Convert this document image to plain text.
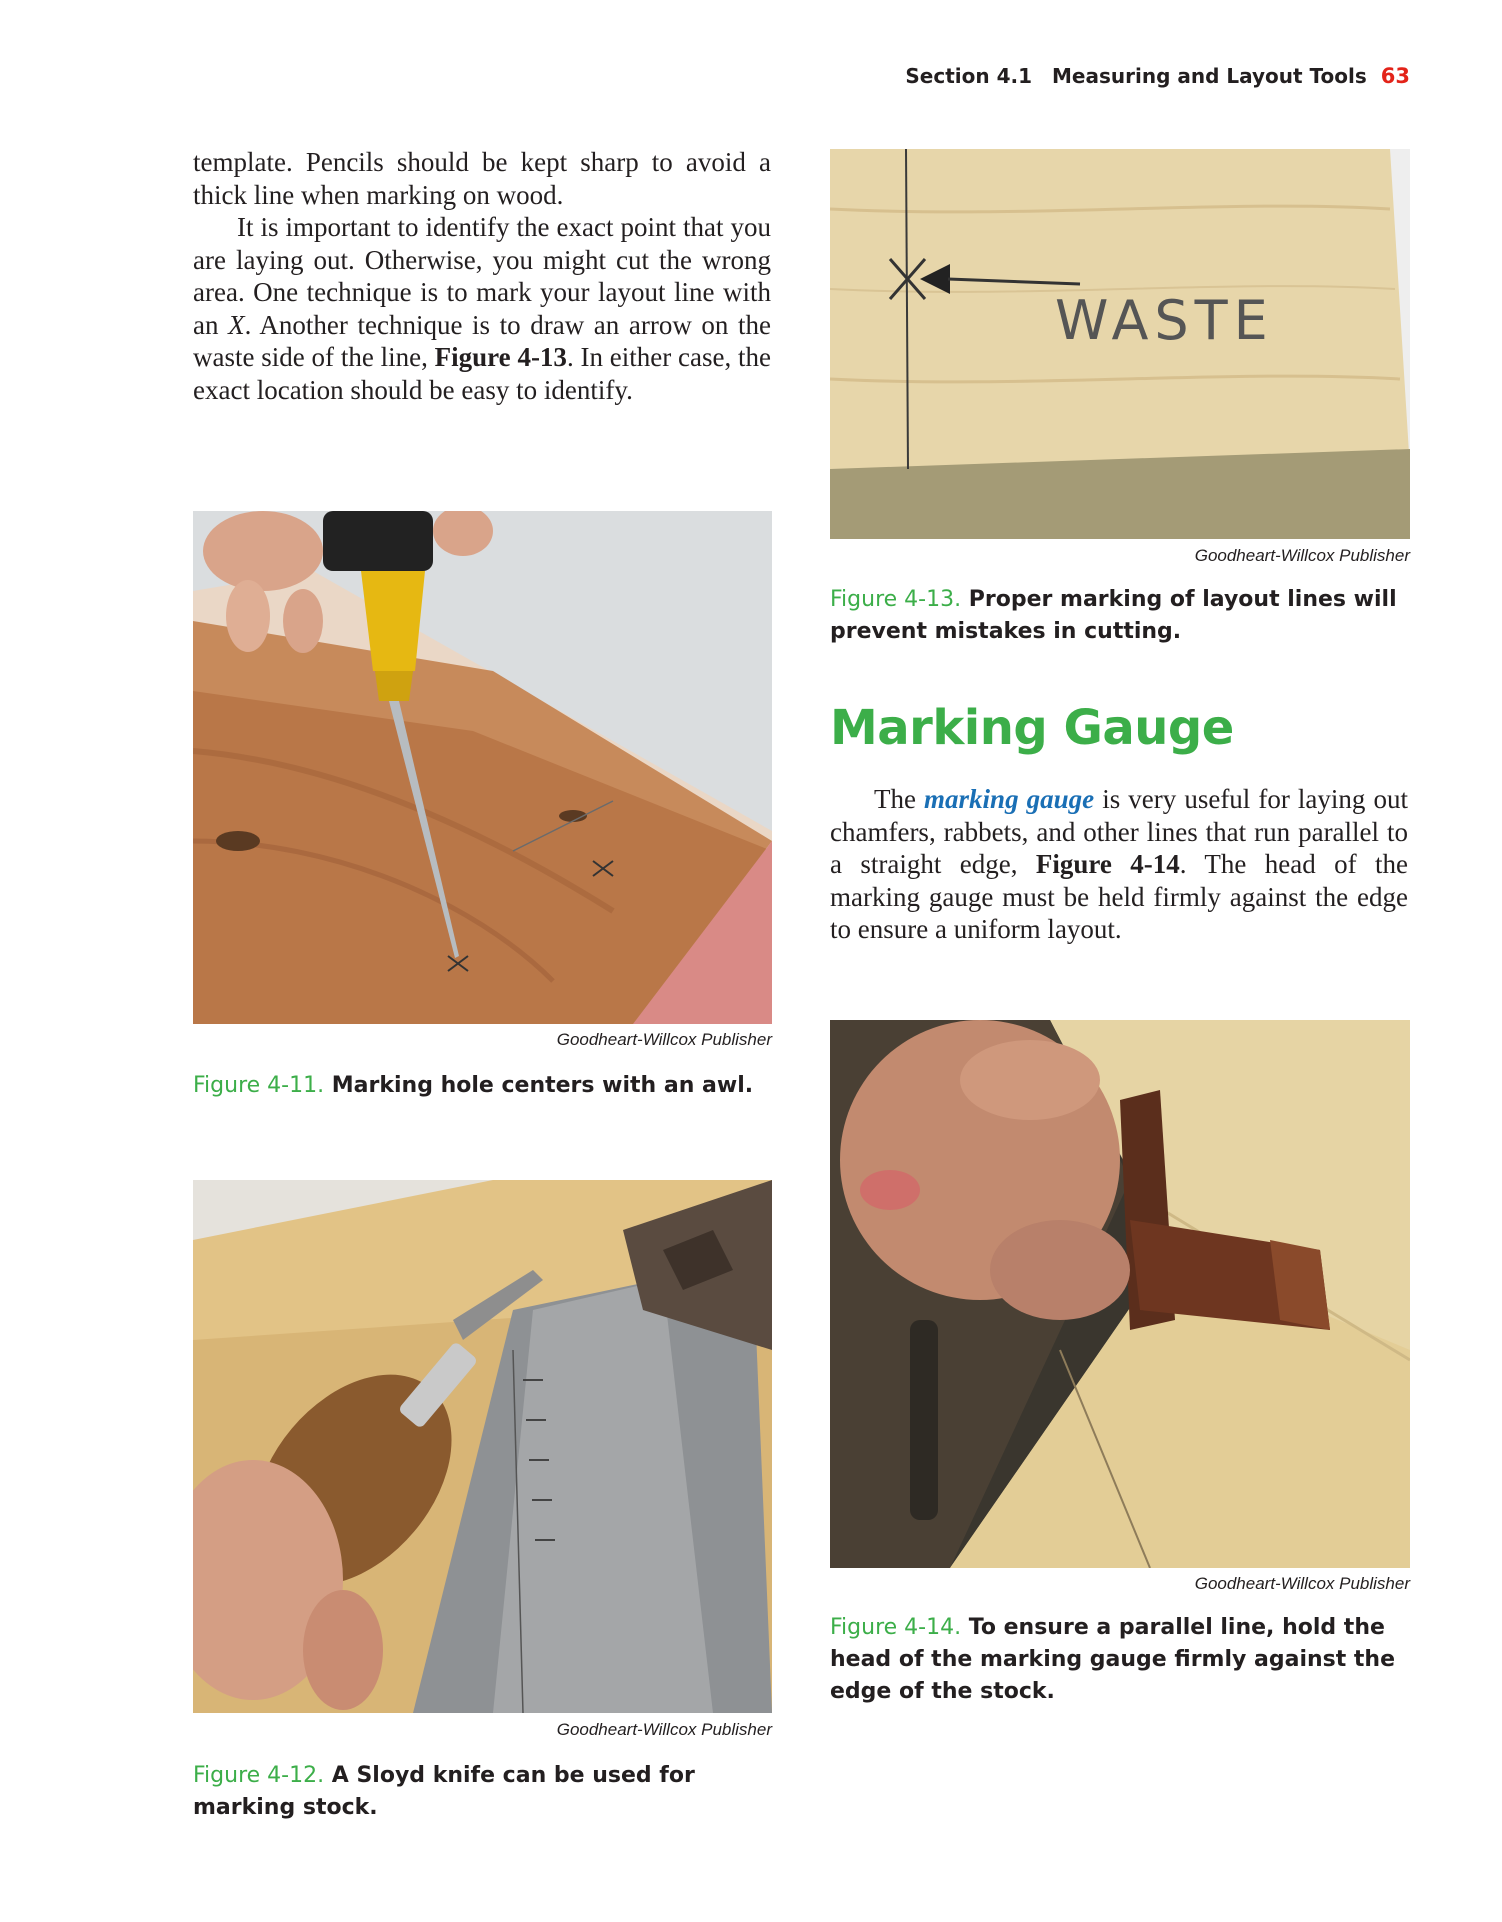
Section 4.1 Measuring and Layout Tools 63

template. Pencils should be kept sharp to avoid a thick line when marking on wood.

It is important to identify the exact point that you are laying out. Otherwise, you might cut the wrong area. One technique is to mark your layout line with an X. Another technique is to draw an arrow on the waste side of the line, Figure 4-13. In either case, the exact location should be easy to identify.

Goodheart-Willcox Publisher
Figure 4-11. Marking hole centers with an awl.
Goodheart-Willcox Publisher
Figure 4-12. A Sloyd knife can be used for marking stock.
WASTE
Goodheart-Willcox Publisher
Figure 4-13. Proper marking of layout lines will prevent mistakes in cutting.
Marking Gauge

The marking gauge is very useful for laying out chamfers, rabbets, and other lines that run parallel to a straight edge, Figure 4-14. The head of the marking gauge must be held firmly against the edge to ensure a uniform layout.

Goodheart-Willcox Publisher
Figure 4-14. To ensure a parallel line, hold the head of the marking gauge firmly against the edge of the stock.
